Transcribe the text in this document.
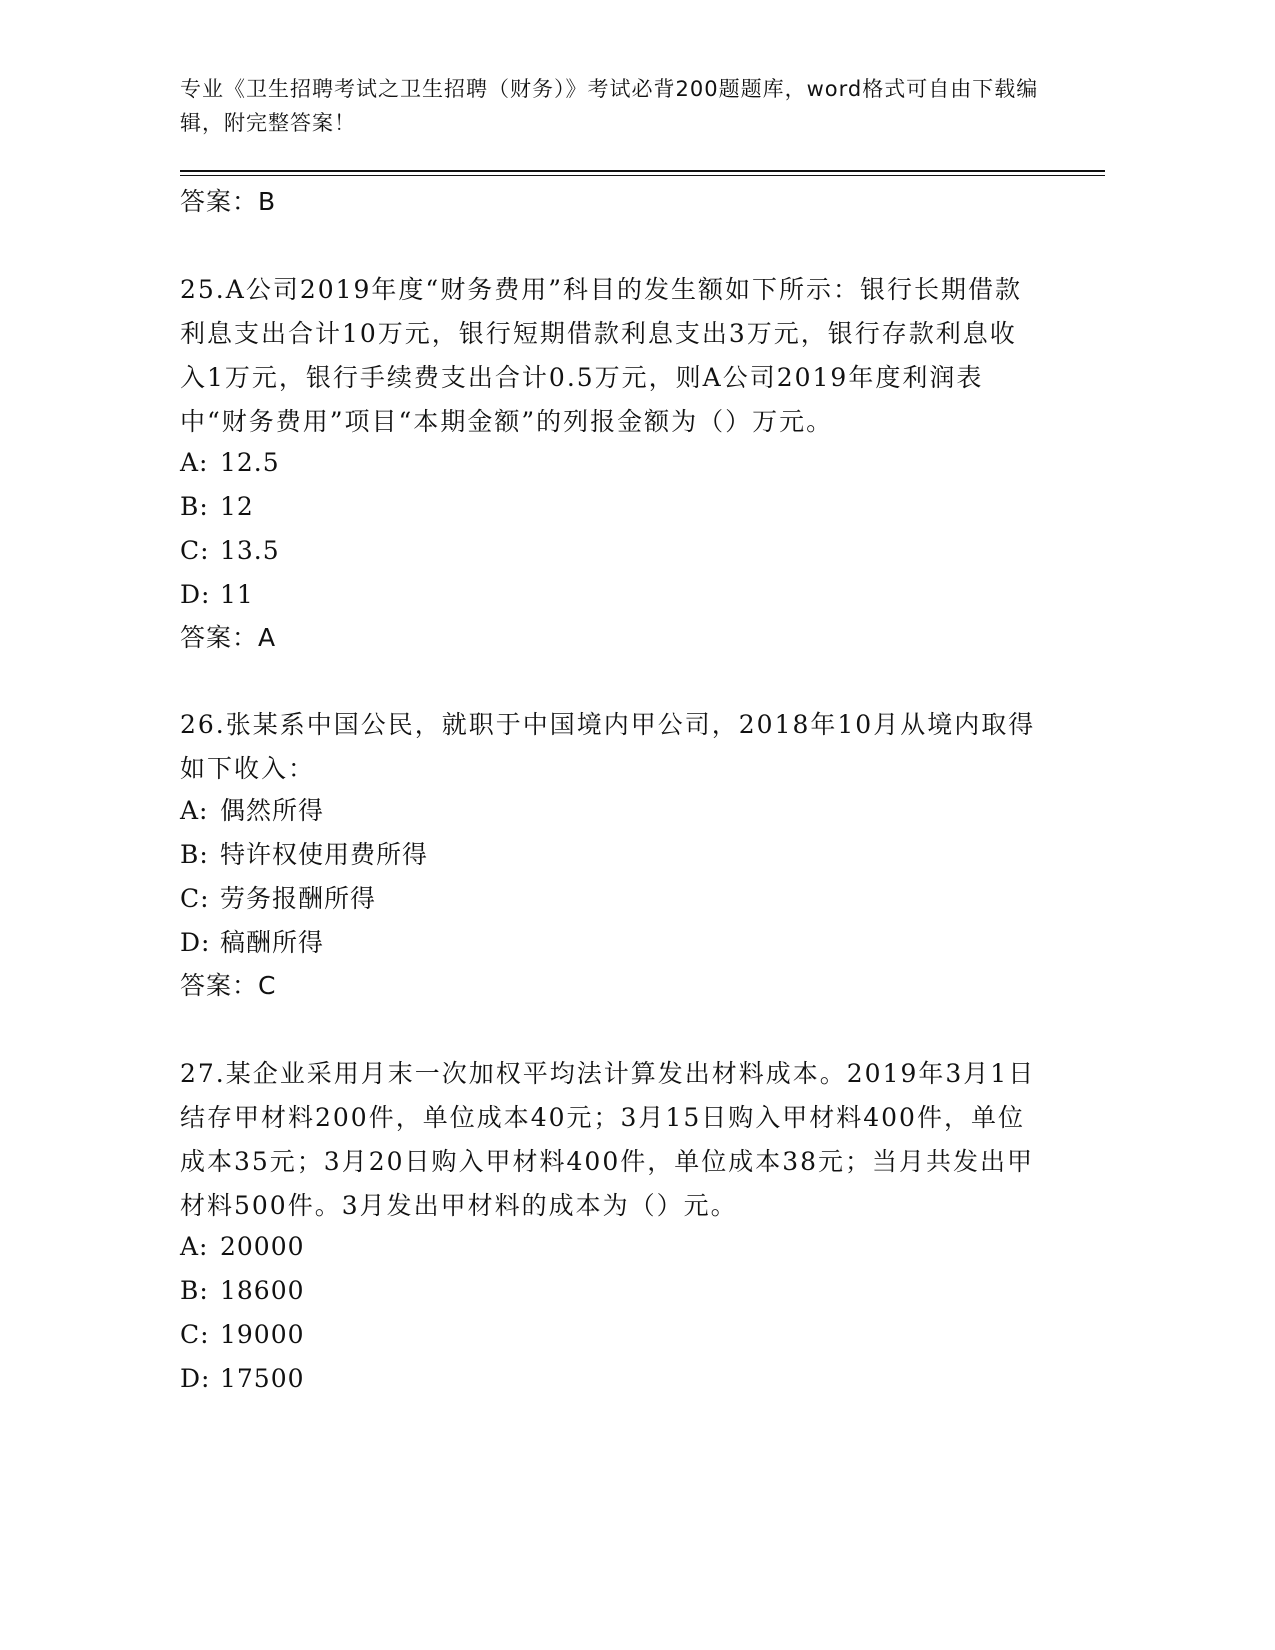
专业《卫生招聘考试之卫生招聘（财务）》考试必背200题题库，word格式可自由下载编辑，附完整答案！
答案：B
25.A公司2019年度“财务费用”科目的发生额如下所示：银行长期借款利息支出合计10万元，银行短期借款利息支出3万元，银行存款利息收入1万元，银行手续费支出合计0.5万元，则A公司2019年度利润表中“财务费用”项目“本期金额”的列报金额为（）万元。
A: 12.5
B: 12
C: 13.5
D: 11
答案：A
26.张某系中国公民，就职于中国境内甲公司，2018年10月从境内取得如下收入：
A: 偶然所得
B: 特许权使用费所得
C: 劳务报酬所得
D: 稿酬所得
答案：C
27.某企业采用月末一次加权平均法计算发出材料成本。2019年3月1日结存甲材料200件，单位成本40元；3月15日购入甲材料400件，单位成本35元；3月20日购入甲材料400件，单位成本38元；当月共发出甲材料500件。3月发出甲材料的成本为（）元。
A: 20000
B: 18600
C: 19000
D: 17500
